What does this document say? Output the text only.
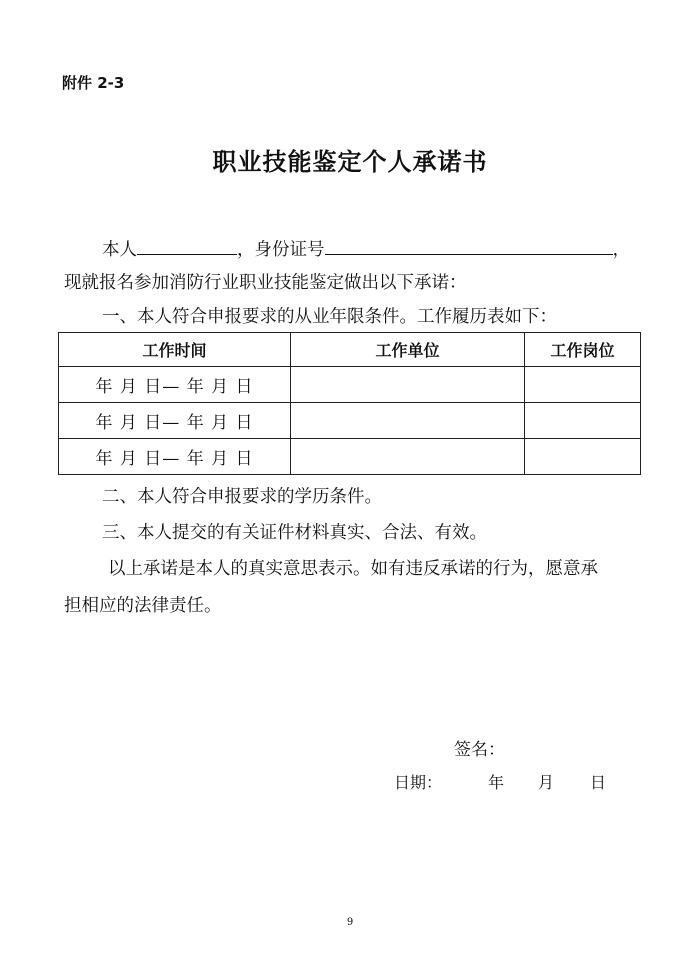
附件 2-3
职业技能鉴定个人承诺书
本人	，身份证号	，
现就报名参加消防行业职业技能鉴定做出以下承诺：
一、本人符合申报要求的从业年限条件。工作履历表如下：
工作时间	工作单位	工作岗位
年 月 日— 年 月 日		
年 月 日— 年 月 日		
年 月 日— 年 月 日		
二、本人符合申报要求的学历条件。
三、本人提交的有关证件材料真实、合法、有效。
以上承诺是本人的真实意思表示。如有违反承诺的行为，愿意承
担相应的法律责任。
签名：
日期：	年 月 日
9
